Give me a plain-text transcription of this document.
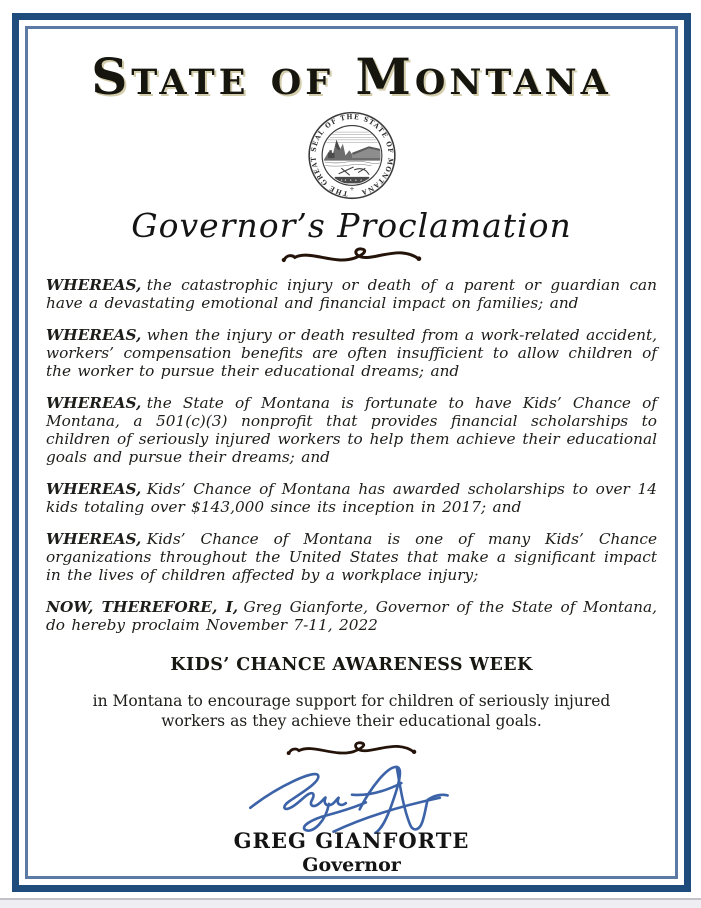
State of Montana
THE GREAT SEAL OF THE STATE OF MONTANA
✛
Governor’s Proclamation

WHEREAS, the catastrophic injury or death of a parent or guardian can have a devastating emotional and financial impact on families; and

WHEREAS, when the injury or death resulted from a work-related accident, workers’ compensation benefits are often insufficient to allow children of the worker to pursue their educational dreams; and

WHEREAS, the State of Montana is fortunate to have Kids’ Chance of Montana, a 501(c)(3) nonprofit that provides financial scholarships to children of seriously injured workers to help them achieve their educational goals and pursue their dreams; and

WHEREAS, Kids’ Chance of Montana has awarded scholarships to over 14 kids totaling over $143,000 since its inception in 2017; and

WHEREAS, Kids’ Chance of Montana is one of many Kids’ Chance organizations throughout the United States that make a significant impact in the lives of children affected by a workplace injury;

NOW, THEREFORE, I, Greg Gianforte, Governor of the State of Montana, do hereby proclaim November 7-11, 2022

KIDS’ CHANCE AWARENESS WEEK

in Montana to encourage support for children of seriously injured workers as they achieve their educational goals.

GREG GIANFORTE
Governor
